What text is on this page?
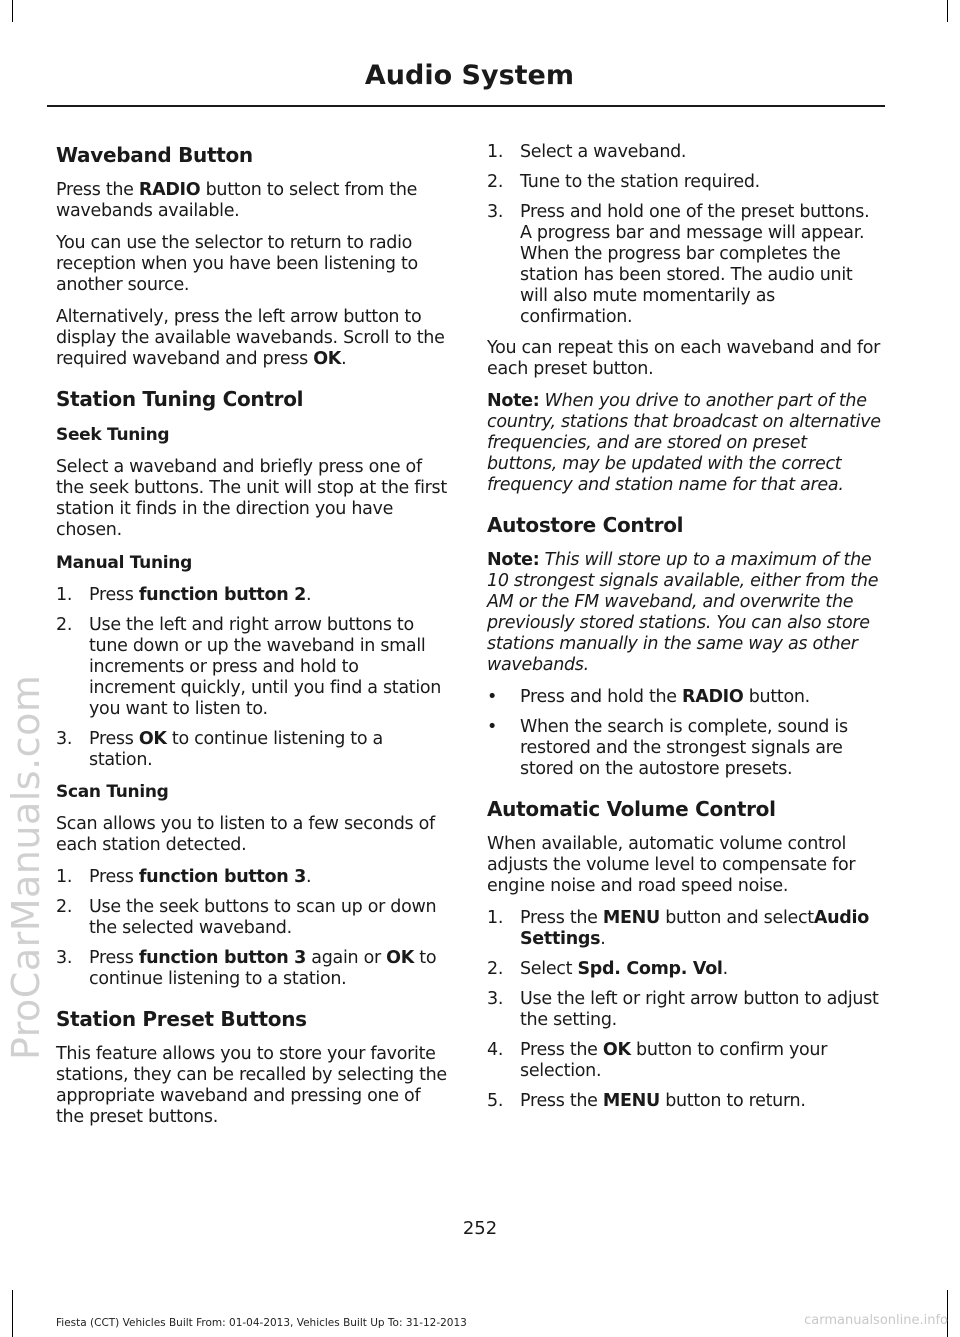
Audio System
ProCarManuals.com
Waveband Button

Press the RADIO button to select from the wavebands available.

You can use the selector to return to radio reception when you have been listening to another source.

Alternatively, press the left arrow button to display the available wavebands. Scroll to the required waveband and press OK.

Station Tuning Control
Seek Tuning

Select a waveband and briefly press one of the seek buttons. The unit will stop at the first station it finds in the direction you have chosen.

Manual Tuning
1. Press function button 2.
2. Use the left and right arrow buttons to tune down or up the waveband in small increments or press and hold to increment quickly, until you find a station you want to listen to.
3. Press OK to continue listening to a station.
Scan Tuning

Scan allows you to listen to a few seconds of each station detected.

1. Press function button 3.
2. Use the seek buttons to scan up or down the selected waveband.
3. Press function button 3 again or OK to continue listening to a station.
Station Preset Buttons

This feature allows you to store your favorite stations, they can be recalled by selecting the appropriate waveband and pressing one of the preset buttons.

1. Select a waveband.
2. Tune to the station required.
3. Press and hold one of the preset buttons. A progress bar and message will appear. When the progress bar completes the station has been stored. The audio unit will also mute momentarily as confirmation.

You can repeat this on each waveband and for each preset button.

Note: When you drive to another part of the country, stations that broadcast on alternative frequencies, and are stored on preset buttons, may be updated with the correct frequency and station name for that area.

Autostore Control

Note: This will store up to a maximum of the 10 strongest signals available, either from the AM or the FM waveband, and overwrite the previously stored stations. You can also store stations manually in the same way as other wavebands.

• Press and hold the RADIO button.
• When the search is complete, sound is restored and the strongest signals are stored on the autostore presets.
Automatic Volume Control

When available, automatic volume control adjusts the volume level to compensate for engine noise and road speed noise.

1. Press the MENU button and selectAudio Settings.
2. Select Spd. Comp. Vol.
3. Use the left or right arrow button to adjust the setting.
4. Press the OK button to confirm your selection.
5. Press the MENU button to return.
252
Fiesta (CCT) Vehicles Built From: 01-04-2013, Vehicles Built Up To: 31-12-2013	carmanualsonline.info
